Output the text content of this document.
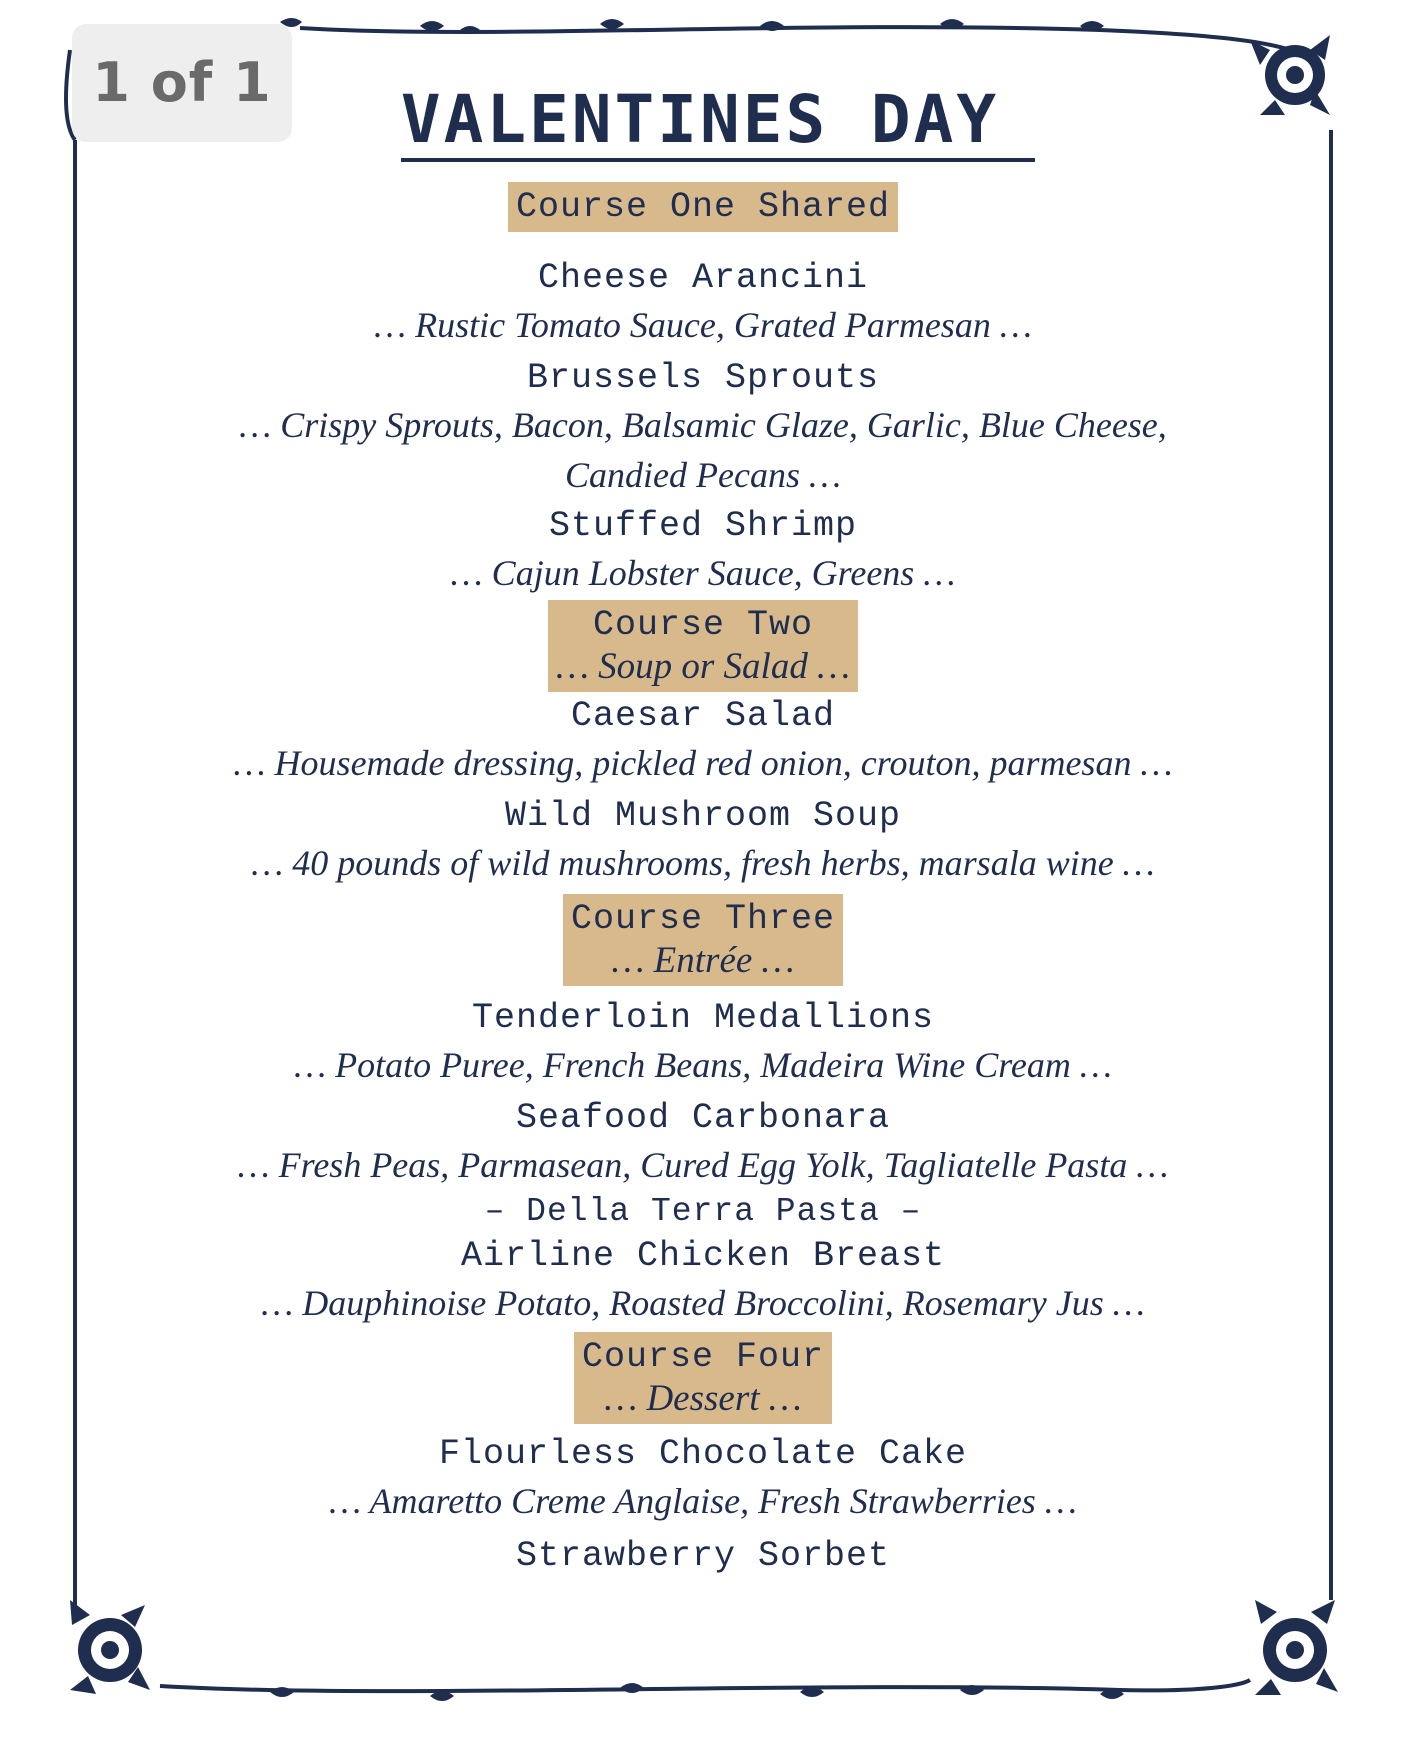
1 of 1	VALENTINES DAY
Course One Shared
Cheese Arancini
… Rustic Tomato Sauce, Grated Parmesan …
Brussels Sprouts
… Crispy Sprouts, Bacon, Balsamic Glaze, Garlic, Blue Cheese,
Candied Pecans …
Stuffed Shrimp
… Cajun Lobster Sauce, Greens …
Course Two
… Soup or Salad …
Caesar Salad
… Housemade dressing, pickled red onion, crouton, parmesan …
Wild Mushroom Soup
… 40 pounds of wild mushrooms, fresh herbs, marsala wine …
Course Three
… Entrée …
Tenderloin Medallions
… Potato Puree, French Beans, Madeira Wine Cream …
Seafood Carbonara
… Fresh Peas, Parmasean, Cured Egg Yolk, Tagliatelle Pasta …
– Della Terra Pasta –
Airline Chicken Breast
… Dauphinoise Potato, Roasted Broccolini, Rosemary Jus …
Course Four
… Dessert …
Flourless Chocolate Cake
… Amaretto Creme Anglaise, Fresh Strawberries …
Strawberry Sorbet
